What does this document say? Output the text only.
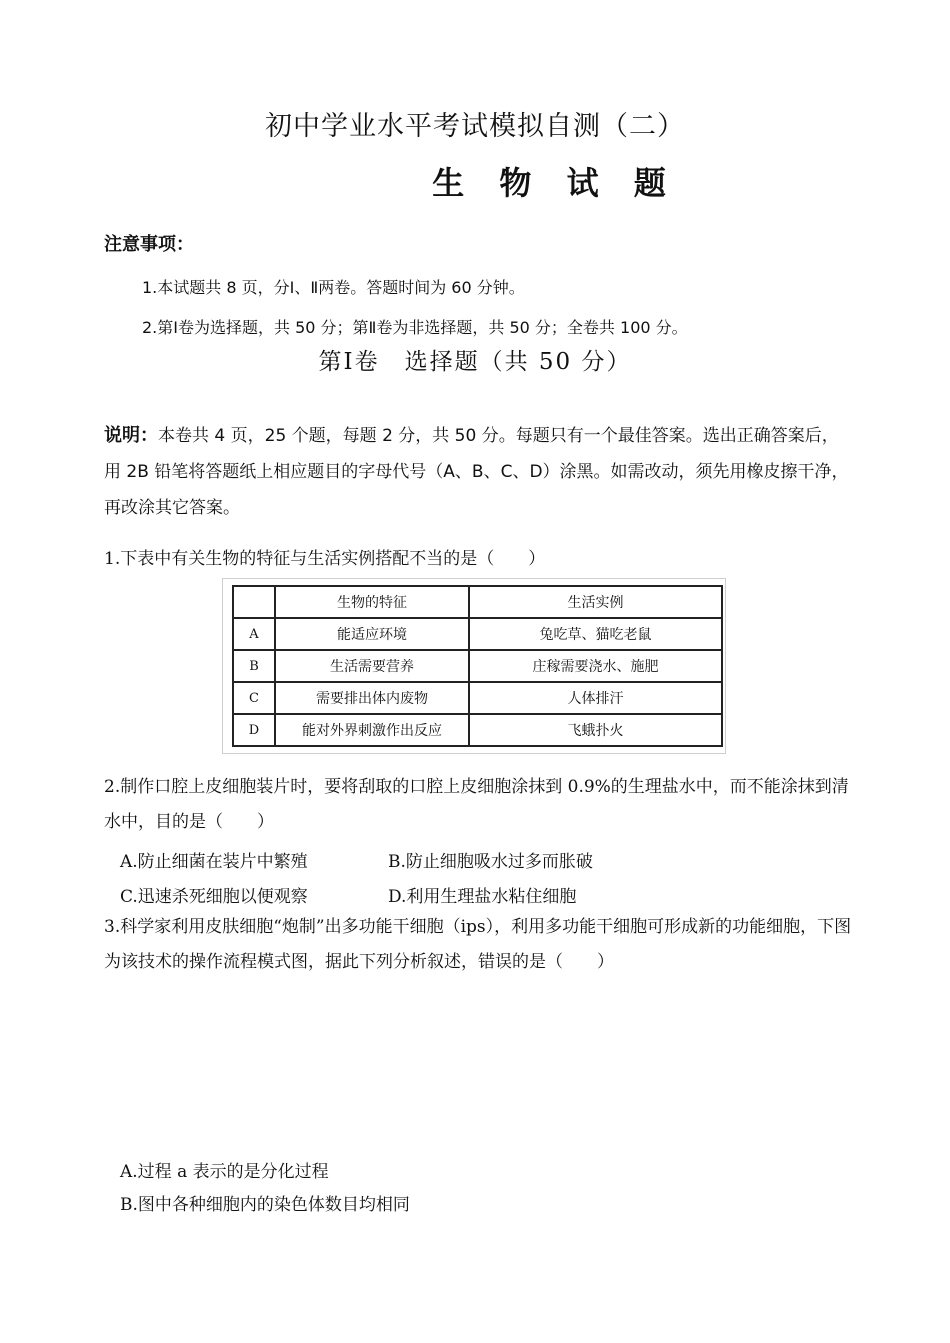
初中学业水平考试模拟自测（二）
生 物 试 题
注意事项：
1.本试题共 8 页，分Ⅰ、Ⅱ两卷。答题时间为 60 分钟。
2.第Ⅰ卷为选择题，共 50 分；第Ⅱ卷为非选择题，共 50 分；全卷共 100 分。
第Ⅰ卷　选择题（共 50 分）
说明：本卷共 4 页，25 个题，每题 2 分，共 50 分。每题只有一个最佳答案。选出正确答案后，用 2B 铅笔将答题纸上相应题目的字母代号（A、B、C、D）涂黑。如需改动，须先用橡皮擦干净，再改涂其它答案。
1.下表中有关生物的特征与生活实例搭配不当的是（　　）
	生物的特征	生活实例
A	能适应环境	兔吃草、猫吃老鼠
B	生活需要营养	庄稼需要浇水、施肥
C	需要排出体内废物	人体排汗
D	能对外界刺激作出反应	飞蛾扑火
2.制作口腔上皮细胞装片时，要将刮取的口腔上皮细胞涂抹到 0.9%的生理盐水中，而不能涂抹到清水中，目的是（　　）
A.防止细菌在装片中繁殖	B.防止细胞吸水过多而胀破
C.迅速杀死细胞以便观察	D.利用生理盐水粘住细胞
3.科学家利用皮肤细胞“炮制”出多功能干细胞（ips），利用多功能干细胞可形成新的功能细胞，下图为该技术的操作流程模式图，据此下列分析叙述，错误的是（　　）
A.过程 a 表示的是分化过程
B.图中各种细胞内的染色体数目均相同
